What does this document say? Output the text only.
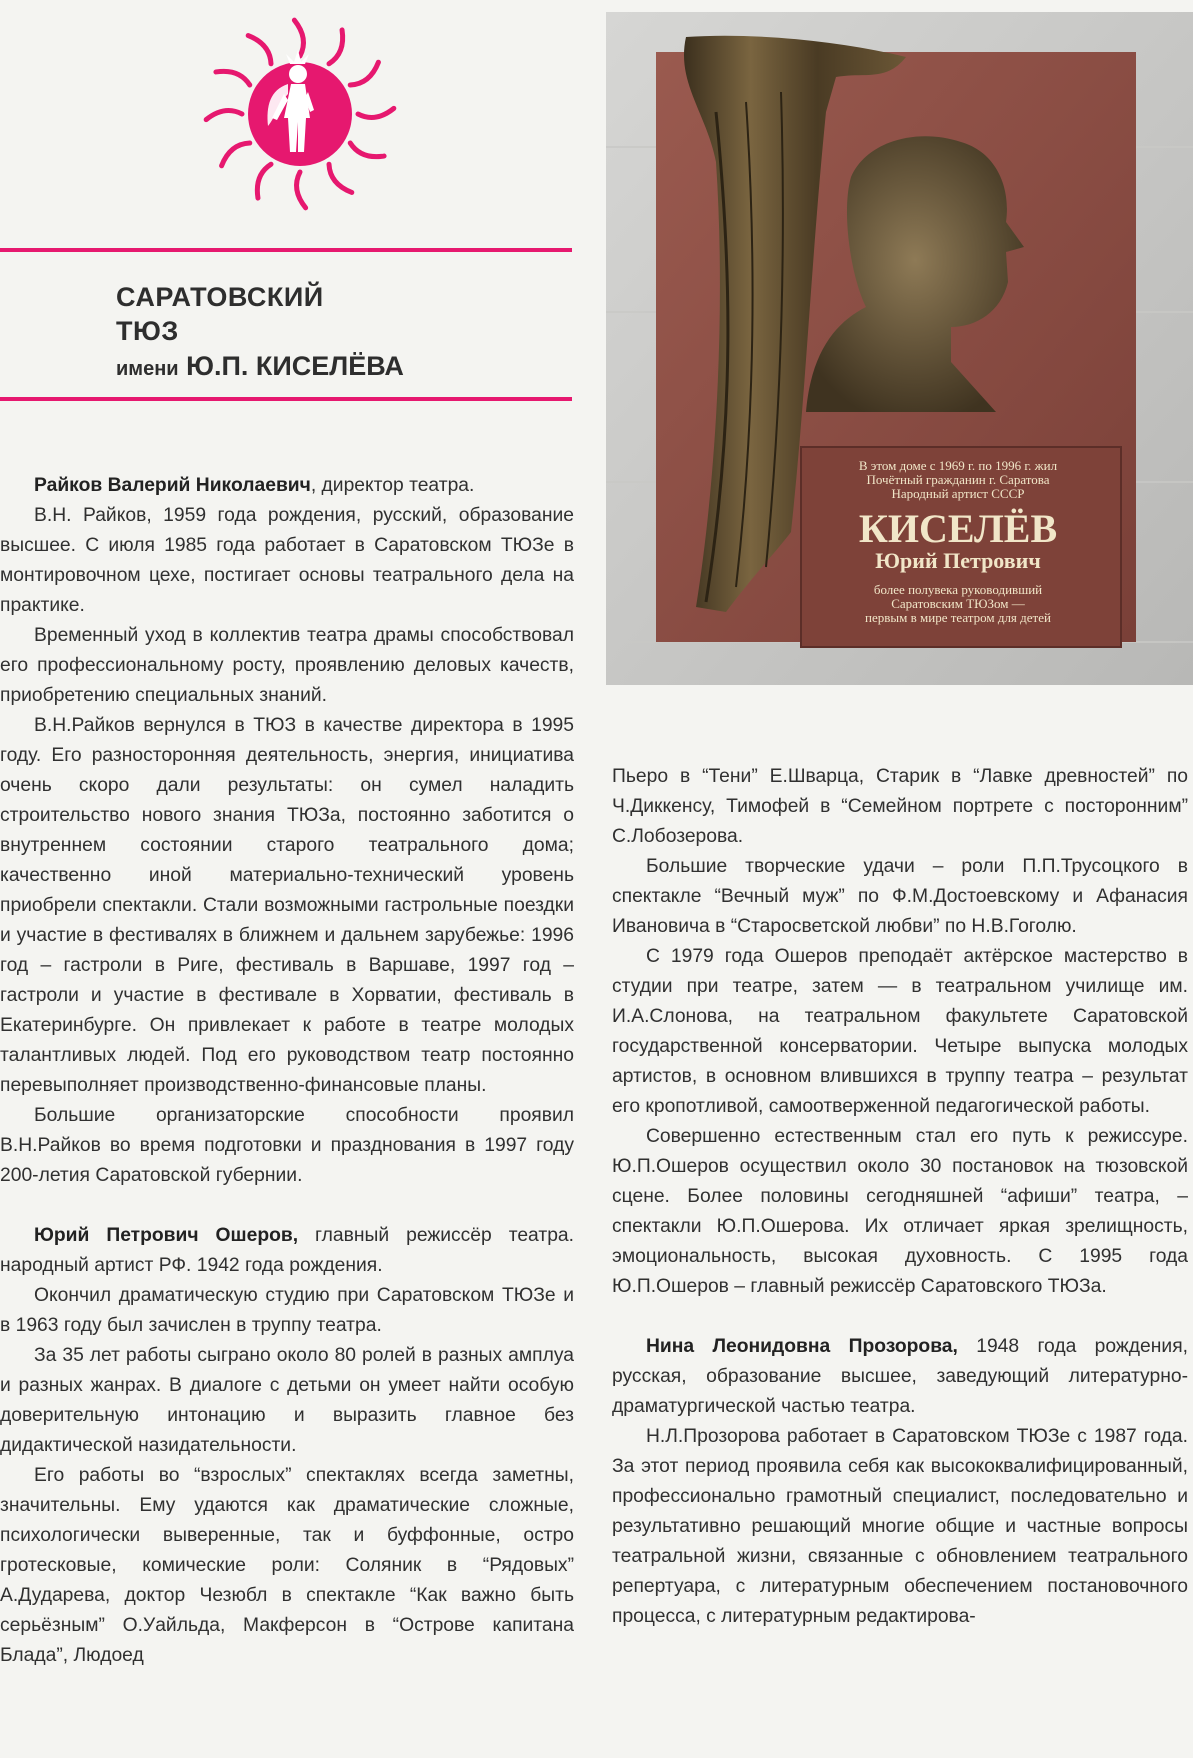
САРАТОВСКИЙ
ТЮЗ
имени Ю.П. КИСЕЛЁВА
В этом доме с 1969 г. по 1996 г. жил
Почётный гражданин г. Саратова
Народный артист СССР
КИСЕЛЁВ
Юрий Петрович
более полувека руководивший
Саратовским ТЮЗом —
первым в мире театром для детей

Райков Валерий Николаевич, директор театра.

В.Н. Райков, 1959 года рождения, русский, образование высшее. С июля 1985 года работает в Саратовском ТЮЗе в монтировочном цехе, постигает основы театрального дела на практике.

Временный уход в коллектив театра драмы способствовал его профессиональному росту, проявлению деловых качеств, приобретению специальных знаний.

В.Н.Райков вернулся в ТЮЗ в качестве директора в 1995 году. Его разносторонняя деятельность, энергия, инициатива очень скоро дали результаты: он сумел наладить строительство нового знания ТЮЗа, постоянно заботится о внутреннем состоянии старого театрального дома; качественно иной материально-технический уровень приобрели спектакли. Стали возможными гастрольные поездки и участие в фестивалях в ближнем и дальнем зарубежье: 1996 год – гастроли в Риге, фестиваль в Варшаве, 1997 год – гастроли и участие в фестивале в Хорватии, фестиваль в Екатеринбурге. Он привлекает к работе в театре молодых талантливых людей. Под его руководством театр постоянно перевыполняет производственно-финансовые планы.

Большие организаторские способности проявил В.Н.Райков во время подготовки и празднования в 1997 году 200-летия Саратовской губернии.

Юрий Петрович Ошеров, главный режиссёр театра. народный артист РФ. 1942 года рождения.

Окончил драматическую студию при Саратовском ТЮЗе и в 1963 году был зачислен в труппу театра.

За 35 лет работы сыграно около 80 ролей в разных амплуа и разных жанрах. В диалоге с детьми он умеет найти особую доверительную интонацию и выразить главное без дидактической назидательности.

Его работы во “взрослых” спектаклях всегда заметны, значительны. Ему удаются как драматические сложные, психологически выверенные, так и буффонные, остро гротесковые, комические роли: Соляник в “Рядовых” А.Дударева, доктор Чезюбл в спектакле “Как важно быть серьёзным” О.Уайльда, Макферсон в “Острове капитана Блада”, Людоед

Пьеро в “Тени” Е.Шварца, Старик в “Лавке древностей” по Ч.Диккенсу, Тимофей в “Семейном портрете с посторонним” С.Лобозерова.

Большие творческие удачи – роли П.П.Трусоцкого в спектакле “Вечный муж” по Ф.М.Достоевскому и Афанасия Ивановича в “Старосветской любви” по Н.В.Гоголю.

С 1979 года Ошеров преподаёт актёрское мастерство в студии при театре, затем — в театральном училище им. И.А.Слонова, на театральном факультете Саратовской государственной консерватории. Четыре выпуска молодых артистов, в основном влившихся в труппу театра – результат его кропотливой, самоотверженной педагогической работы.

Совершенно естественным стал его путь к режиссуре. Ю.П.Ошеров осуществил около 30 постановок на тюзовской сцене. Более половины сегодняшней “афиши” театра, – спектакли Ю.П.Ошерова. Их отличает яркая зрелищность, эмоциональность, высокая духовность. С 1995 года Ю.П.Ошеров – главный режиссёр Саратовского ТЮЗа.

Нина Леонидовна Прозорова, 1948 года рождения, русская, образование высшее, заведующий литературно-драматургической частью театра.

Н.Л.Прозорова работает в Саратовском ТЮЗе с 1987 года. За этот период проявила себя как высококвалифицированный, профессионально грамотный специалист, последовательно и результативно решающий многие общие и частные вопросы театральной жизни, связанные с обновлением театрального репертуара, с литературным обеспечением постановочного процесса, с литературным редактирова-
